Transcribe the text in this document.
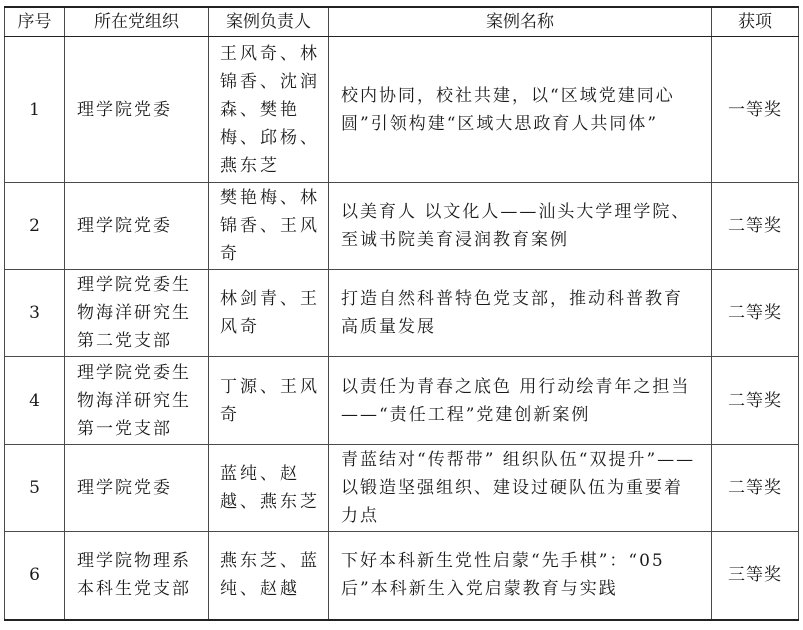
序号	所在党组织	案例负责人	案例名称	获项
1	理学院党委	王风奇、林锦香、沈润森、樊艳梅、邱杨、燕东芝	校内协同，校社共建，以“区域党建同心圆”引领构建“区域大思政育人共同体”	一等奖
2	理学院党委	樊艳梅、林锦香、王风奇	以美育人 以文化人——汕头大学理学院、至诚书院美育浸润教育案例	二等奖
3	理学院党委生物海洋研究生第二党支部	林剑青、王风奇	打造自然科普特色党支部，推动科普教育高质量发展	二等奖
4	理学院党委生物海洋研究生第一党支部	丁源、王风奇	以责任为青春之底色 用行动绘青年之担当——“责任工程”党建创新案例	二等奖
5	理学院党委	蓝纯、赵越、燕东芝	青蓝结对“传帮带” 组织队伍“双提升”——以锻造坚强组织、建设过硬队伍为重要着力点	二等奖
6	理学院物理系本科生党支部	燕东芝、蓝纯、赵越	下好本科新生党性启蒙“先手棋”：“05后”本科新生入党启蒙教育与实践	三等奖
